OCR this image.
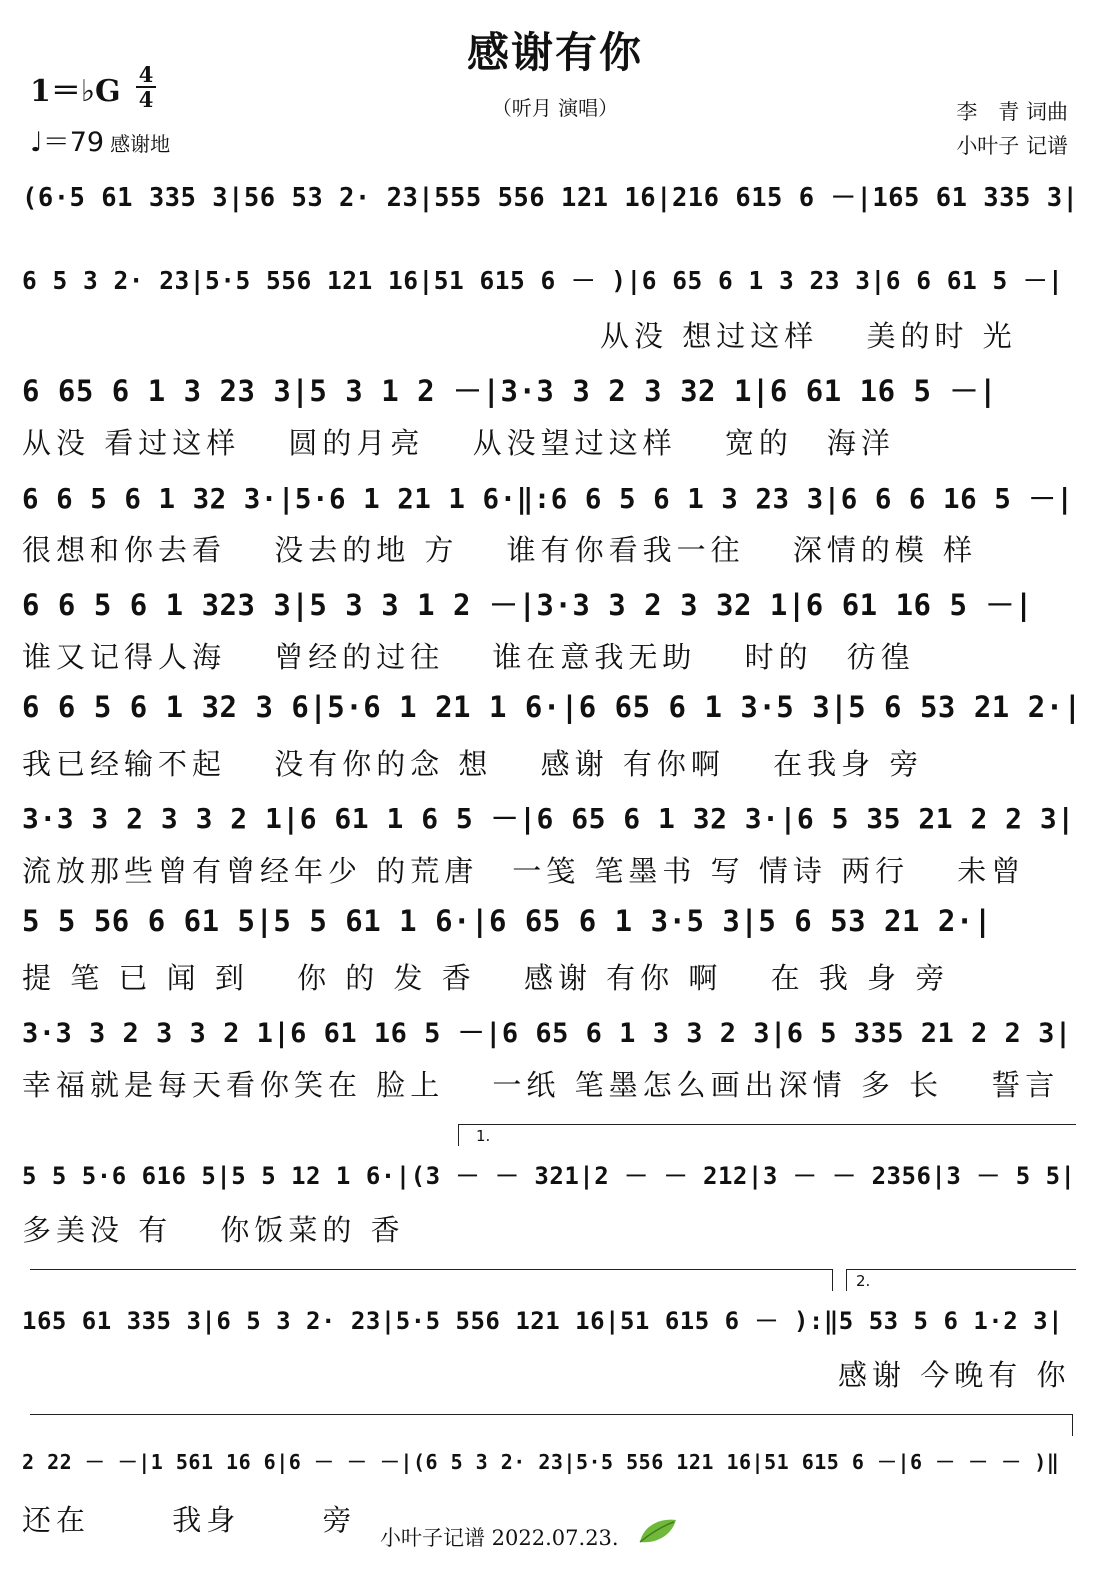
感谢有你
（听月 演唱）
1＝♭G 4
4
♩＝79 感谢地
李　青 词曲
小叶子 记谱
(6·5 61 335 3|56 53 2· 23|555 556 121 16|216 615 6 －|165 61 335 3|
6 5 3 2· 23|5·5 556 121 16|51 615 6 － )|6 65 6 1 3 23 3|6 6 61 5 －|
　　　　　　　　　　　　　　　　　从没 想过这样　 美的时 光
6 65 6 1 3 23 3|5 3 1 2 －|3·3 3 2 3 32 1|6 61 16 5 －|
从没 看过这样　 圆的月亮　 从没望过这样　 宽的　海洋
6 6 5 6 1 32 3·|5·6 1 21 1 6·‖:6 6 5 6 1 3 23 3|6 6 6 16 5 －|
很想和你去看　 没去的地 方　 谁有你看我一往　 深情的模 样
6 6 5 6 1 323 3|5 3 3 1 2 －|3·3 3 2 3 32 1|6 61 16 5 －|
谁又记得人海　 曾经的过往　 谁在意我无助　 时的　彷徨
6 6 5 6 1 32 3 6|5·6 1 21 1 6·|6 65 6 1 3·5 3|5 6 53 21 2·|
我已经输不起　 没有你的念 想　 感谢 有你啊　 在我身 旁
3·3 3 2 3 3 2 1|6 61 1 6 5 －|6 65 6 1 32 3·|6 5 35 21 2 2 3|
流放那些曾有曾经年少 的荒唐　一笺 笔墨书 写 情诗 两行　 未曾
5 5 56 6 61 5|5 5 61 1 6·|6 65 6 1 3·5 3|5 6 53 21 2·|
提 笔 已 闻 到　 你 的 发 香　 感谢 有你 啊　 在 我 身 旁
3·3 3 2 3 3 2 1|6 61 16 5 －|6 65 6 1 3 3 2 3|6 5 335 21 2 2 3|
幸福就是每天看你笑在 脸上　 一纸 笔墨怎么画出深情 多 长　 誓言
1.
5 5 5·6 616 5|5 5 12 1 6·|(3 － － 321|2 － － 212|3 － － 2356|3 － 5 5|
多美没 有　 你饭菜的 香
2.
165 61 335 3|6 5 3 2· 23|5·5 556 121 16|51 615 6 － ):‖5 53 5 6 1·2 3|
　　　　　　　　　　　　　　　　　　　　　　　　感谢 今晚有 你
2 22 － －|1 561 16 6|6 － － －|(6 5 3 2· 23|5·5 556 121 16|51 615 6 －|6 － － － )‖
还在　　 我身　　 旁
小叶子记谱 2022.07.23.
